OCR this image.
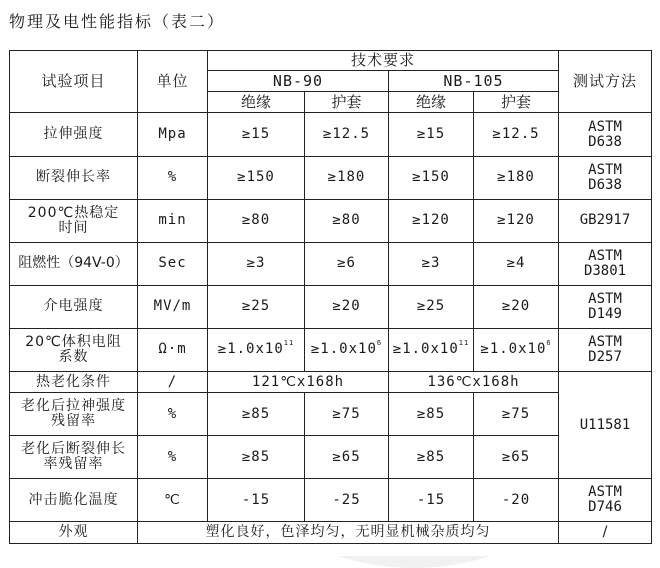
物理及电性能指标（表二）
试验项目	单位	技术要求				测试方法
		NB-90		NB-105		
		绝缘	护套	绝缘	护套	
拉伸强度	Mpa	≥15	≥12.5	≥15	≥12.5	ASTM
D638
断裂伸长率	%	≥150	≥180	≥150	≥180	ASTM
D638
200℃热稳定
时间	min	≥80	≥80	≥120	≥120	GB2917
阻燃性（94V-0）	Sec	≥3	≥6	≥3	≥4	ASTM
D3801
介电强度	MV/m	≥25	≥20	≥25	≥20	ASTM
D149
20℃体积电阻
系数	Ω·m	$\ge 1.0x10^{11}$	$\ge 1.0x10^6$	$\ge 1.0x10^{11}$	$\ge 1.0x10^6$	ASTM
D257
热老化条件	/	121℃x168h		136℃x168h		U11581
老化后拉神强度
残留率	%	≥85	≥75	≥85	≥75	
老化后断裂伸长
率残留率	%	≥85	≥65	≥85	≥65	
冲击脆化温度	℃	-15	-25	-15	-20	ASTM
D746
外观	塑化良好，色泽均匀，无明显机械杂质均匀					/
